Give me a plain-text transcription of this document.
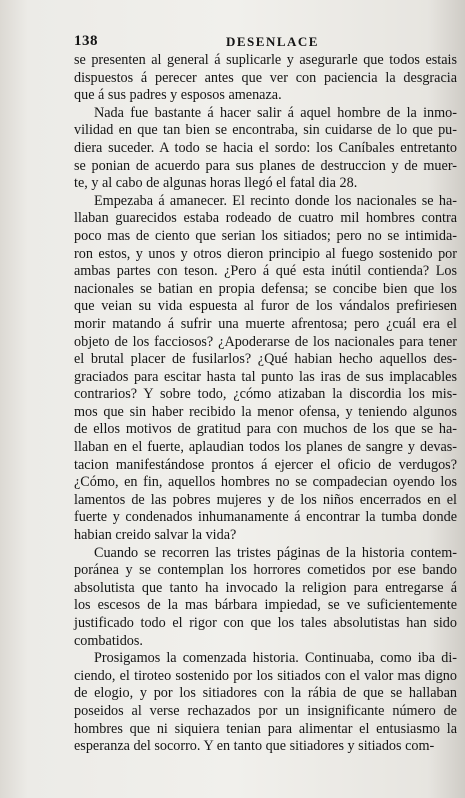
138	DESENLACE
se presenten al general á suplicarle y asegurarle que todos estais
dispuestos á perecer antes que ver con paciencia la desgracia
que á sus padres y esposos amenaza.
Nada fue bastante á hacer salir á aquel hombre de la inmo-
vilidad en que tan bien se encontraba, sin cuidarse de lo que pu-
diera suceder. A todo se hacia el sordo: los Caníbales entretanto
se ponian de acuerdo para sus planes de destruccion y de muer-
te, y al cabo de algunas horas llegó el fatal dia 28.
Empezaba á amanecer. El recinto donde los nacionales se ha-
llaban guarecidos estaba rodeado de cuatro mil hombres contra
poco mas de ciento que serian los sitiados; pero no se intimida-
ron estos, y unos y otros dieron principio al fuego sostenido por
ambas partes con teson. ¿Pero á qué esta inútil contienda? Los
nacionales se batian en propia defensa; se concibe bien que los
que veian su vida espuesta al furor de los vándalos prefiriesen
morir matando á sufrir una muerte afrentosa; pero ¿cuál era el
objeto de los facciosos? ¿Apoderarse de los nacionales para tener
el brutal placer de fusilarlos? ¿Qué habian hecho aquellos des-
graciados para escitar hasta tal punto las iras de sus implacables
contrarios? Y sobre todo, ¿cómo atizaban la discordia los mis-
mos que sin haber recibido la menor ofensa, y teniendo algunos
de ellos motivos de gratitud para con muchos de los que se ha-
llaban en el fuerte, aplaudian todos los planes de sangre y devas-
tacion manifestándose prontos á ejercer el oficio de verdugos?
¿Cómo, en fin, aquellos hombres no se compadecian oyendo los
lamentos de las pobres mujeres y de los niños encerrados en el
fuerte y condenados inhumanamente á encontrar la tumba donde
habian creido salvar la vida?
Cuando se recorren las tristes páginas de la historia contem-
poránea y se contemplan los horrores cometidos por ese bando
absolutista que tanto ha invocado la religion para entregarse á
los escesos de la mas bárbara impiedad, se ve suficientemente
justificado todo el rigor con que los tales absolutistas han sido
combatidos.
Prosigamos la comenzada historia. Continuaba, como iba di-
ciendo, el tiroteo sostenido por los sitiados con el valor mas digno
de elogio, y por los sitiadores con la rábia de que se hallaban
poseidos al verse rechazados por un insignificante número de
hombres que ni siquiera tenian para alimentar el entusiasmo la
esperanza del socorro. Y en tanto que sitiadores y sitiados com-
